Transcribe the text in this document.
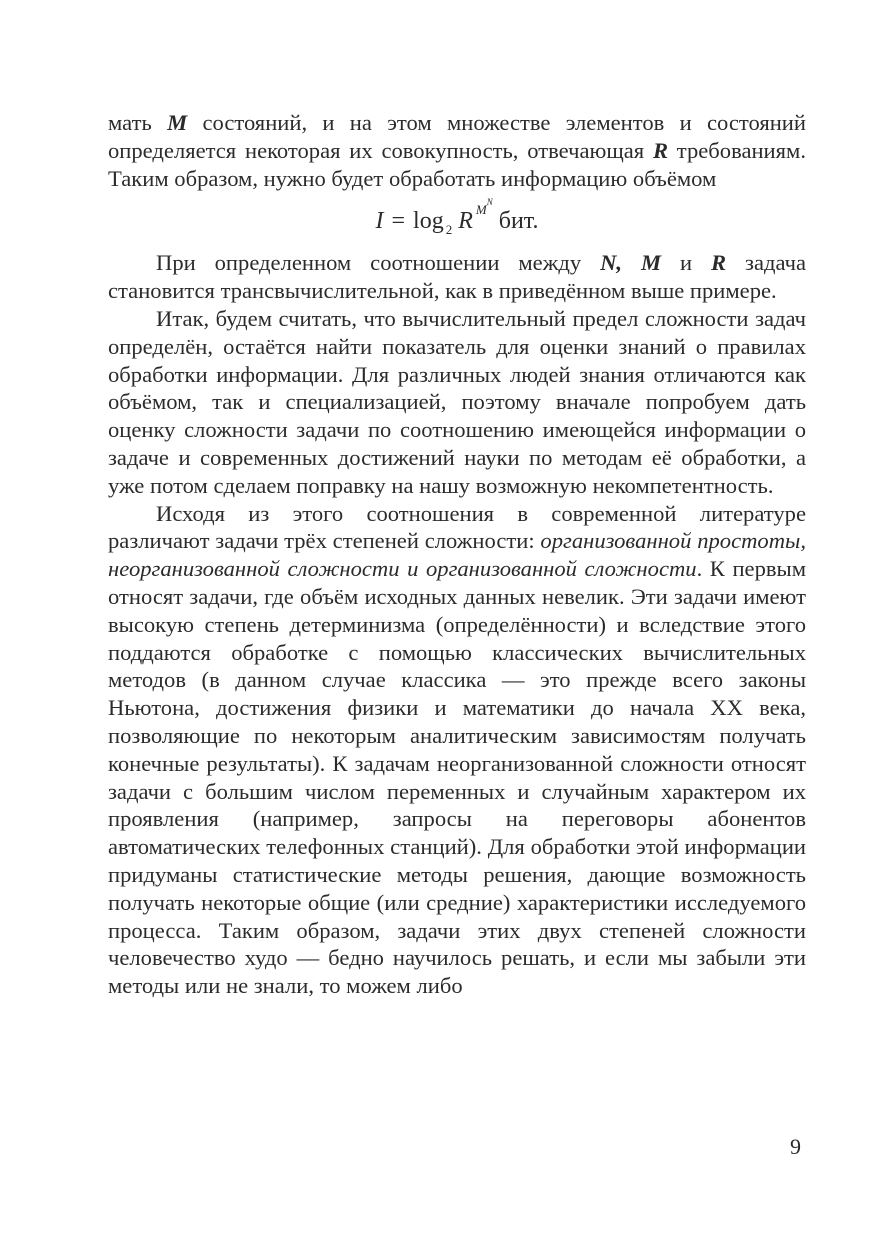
мать M состояний, и на этом множестве элементов и состояний определяется некоторая их совокупность, отвечающая R требованиям. Таким образом, нужно будет обработать информацию объёмом

I = log 2 R M N
бит.

При определенном соотношении между N, M и R задача становится трансвычислительной, как в приведённом выше примере.

Итак, будем считать, что вычислительный предел сложности задач определён, остаётся найти показатель для оценки знаний о правилах обработки информации. Для различных людей знания отличаются как объёмом, так и специализацией, поэтому вначале попробуем дать оценку сложности задачи по соотношению имеющейся информации о задаче и современных достижений науки по методам её обработки, а уже потом сделаем поправку на нашу возможную некомпетентность.

Исходя из этого соотношения в современной литературе различают задачи трёх степеней сложности: организованной простоты, неорганизованной сложности и организованной сложности. К первым относят задачи, где объём исходных данных невелик. Эти задачи имеют высокую степень детерминизма (определённости) и вследствие этого поддаются обработке с помощью классических вычислительных методов (в данном случае классика — это прежде всего законы Ньютона, достижения физики и математики до начала XX века, позволяющие по некоторым аналитическим зависимостям получать конечные результаты). К задачам неорганизованной сложности относят задачи с большим числом переменных и случайным характером их проявления (например, запросы на переговоры абонентов автоматических телефонных станций). Для обработки этой информации придуманы статистические методы решения, дающие возможность получать некоторые общие (или средние) характеристики исследуемого процесса. Таким образом, задачи этих двух степеней сложности человечество худо — бедно научилось решать, и если мы забыли эти методы или не знали, то можем либо

9
